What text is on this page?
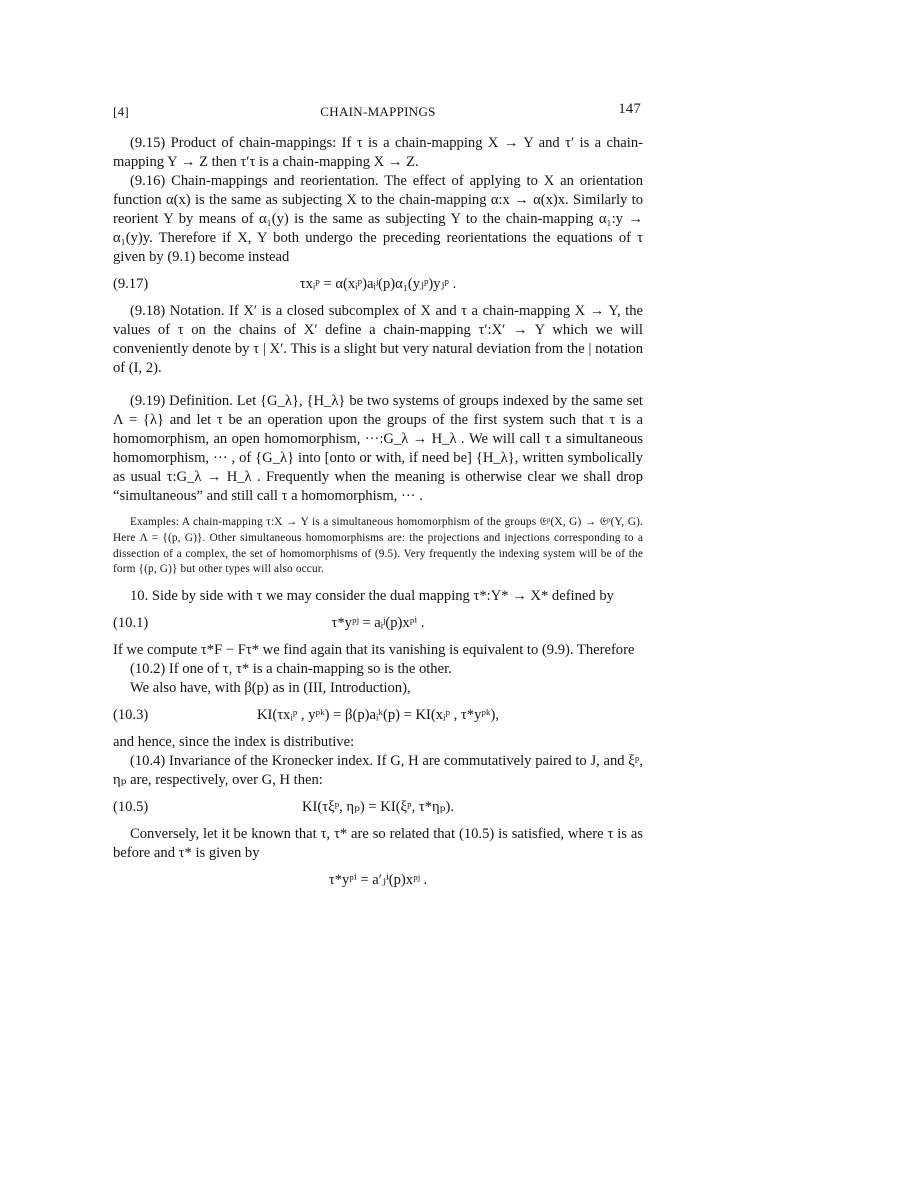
[4]	CHAIN-MAPPINGS	147

(9.15) Product of chain-mappings: If τ is a chain-mapping X → Y and τ′ is a chain-mapping Y → Z then τ′τ is a chain-mapping X → Z.

(9.16) Chain-mappings and reorientation. The effect of applying to X an orientation function α(x) is the same as subjecting X to the chain-mapping α:x → α(x)x. Similarly to reorient Y by means of α₁(y) is the same as subjecting Y to the chain-mapping α₁:y → α₁(y)y. Therefore if X, Y both undergo the preceding reorientations the equations of τ given by (9.1) become instead

(9.17)	τxᵢᵖ = α(xᵢᵖ)aᵢʲ(p)α₁(yⱼᵖ)yⱼᵖ .

(9.18) Notation. If X′ is a closed subcomplex of X and τ a chain-mapping X → Y, the values of τ on the chains of X′ define a chain-mapping τ′:X′ → Y which we will conveniently denote by τ | X′. This is a slight but very natural deviation from the | notation of (I, 2).

(9.19) Definition. Let {G_λ}, {H_λ} be two systems of groups indexed by the same set Λ = {λ} and let τ be an operation upon the groups of the first system such that τ is a homomorphism, an open homomorphism, ···:G_λ → H_λ . We will call τ a simultaneous homomorphism, ··· , of {G_λ} into [onto or with, if need be] {H_λ}, written symbolically as usual τ:G_λ → H_λ . Frequently when the meaning is otherwise clear we shall drop “simultaneous” and still call τ a homomorphism, ··· .

Examples: A chain-mapping τ:X → Y is a simultaneous homomorphism of the groups 𝔈ᵖ(X, G) → 𝔈ᵖ(Y, G). Here Λ = {(p, G)}. Other simultaneous homomorphisms are: the projections and injections corresponding to a dissection of a complex, the set of homomorphisms of (9.5). Very frequently the indexing system will be of the form {(p, G)} but other types will also occur.

10. Side by side with τ we may consider the dual mapping τ*:Y* → X* defined by

(10.1)	τ*yᵖʲ = aᵢʲ(p)xᵖⁱ .

If we compute τ*F − Fτ* we find again that its vanishing is equivalent to (9.9). Therefore

(10.2) If one of τ, τ* is a chain-mapping so is the other.

We also have, with β(p) as in (III, Introduction),

(10.3)	KI(τxᵢᵖ , yᵖᵏ) = β(p)aᵢᵏ(p) = KI(xᵢᵖ , τ*yᵖᵏ),

and hence, since the index is distributive:

(10.4) Invariance of the Kronecker index. If G, H are commutatively paired to J, and ξᵖ, ηₚ are, respectively, over G, H then:

(10.5)	KI(τξᵖ, ηₚ) = KI(ξᵖ, τ*ηₚ).

Conversely, let it be known that τ, τ* are so related that (10.5) is satisfied, where τ is as before and τ* is given by

τ*yᵖⁱ = a′ⱼⁱ(p)xᵖʲ .
